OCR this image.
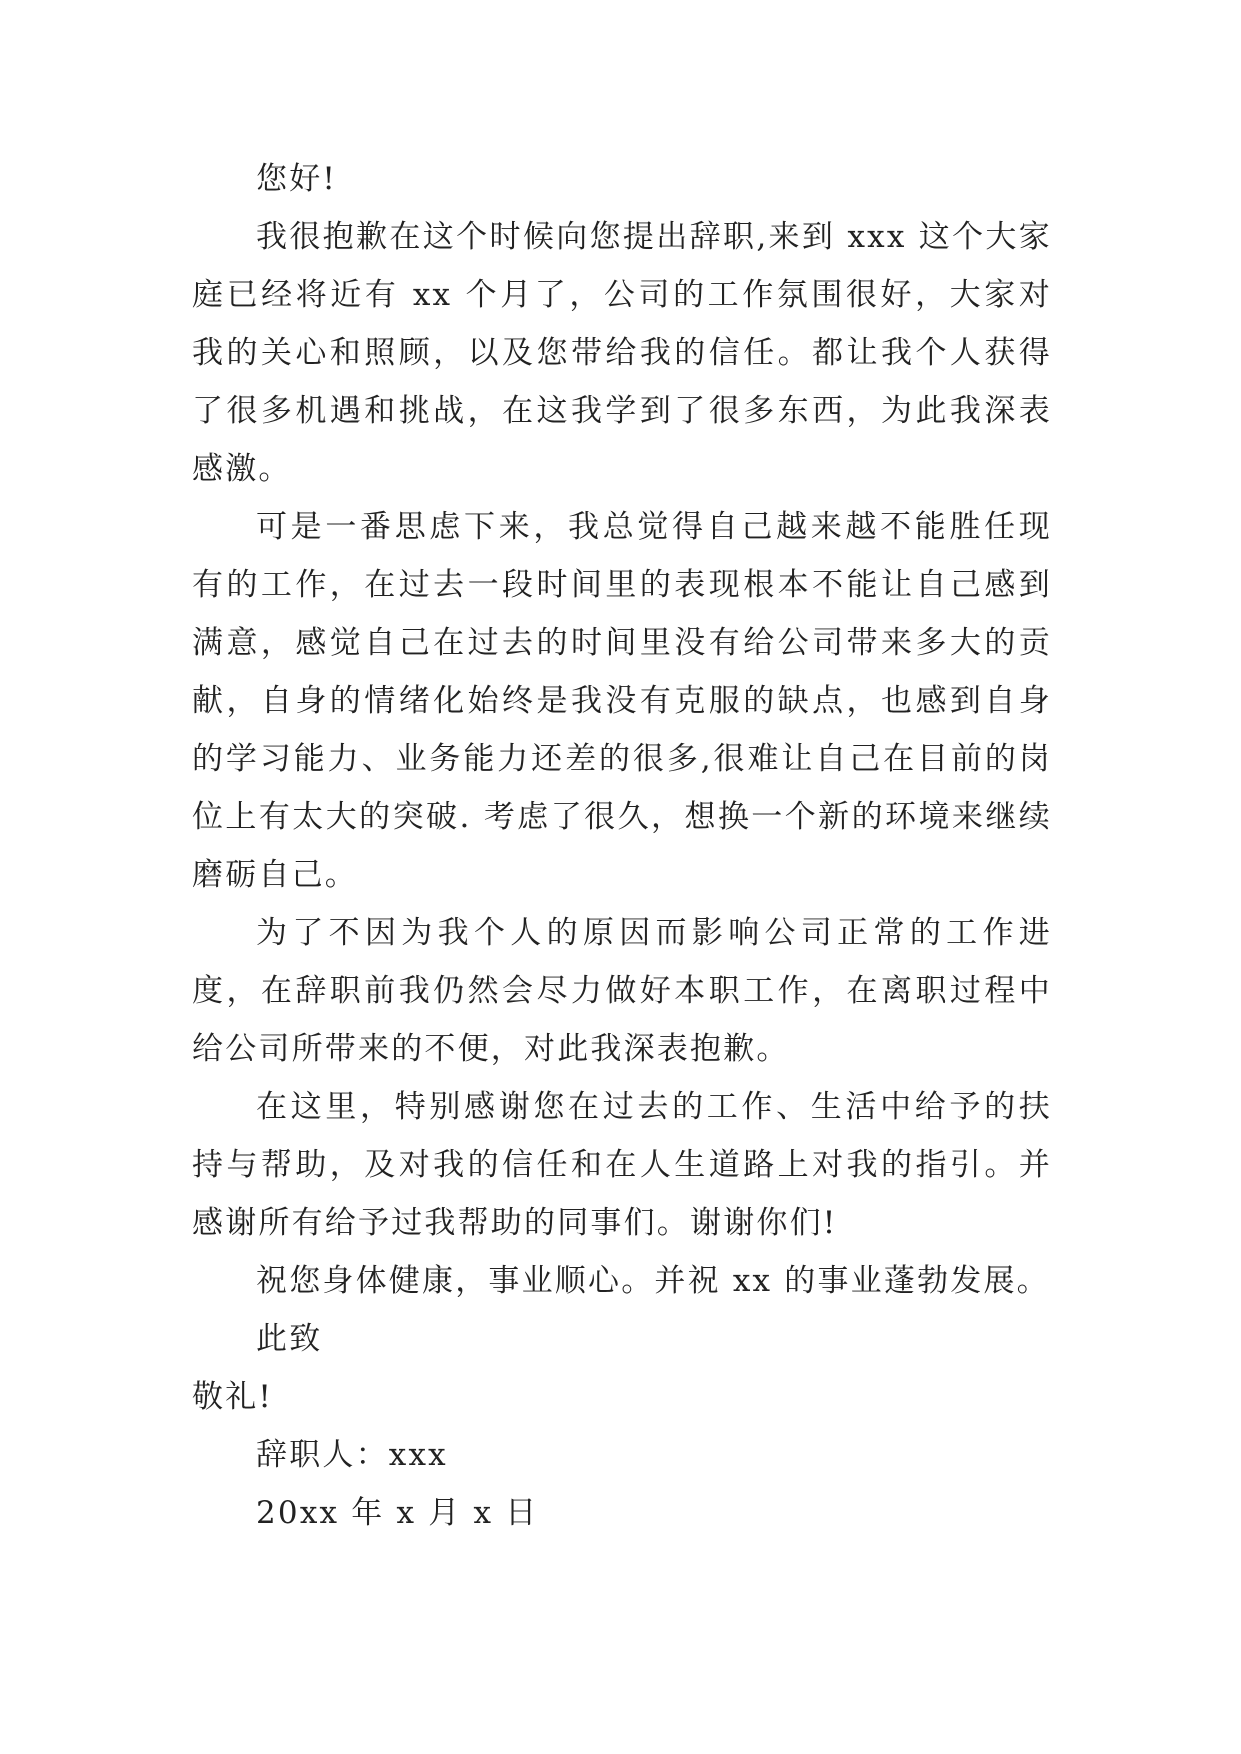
您好!

我很抱歉在这个时候向您提出辞职,来到 xxx 这个大家庭已经将近有 xx 个月了，公司的工作氛围很好，大家对我的关心和照顾，以及您带给我的信任。都让我个人获得了很多机遇和挑战，在这我学到了很多东西，为此我深表感激。

可是一番思虑下来，我总觉得自己越来越不能胜任现有的工作，在过去一段时间里的表现根本不能让自己感到满意，感觉自己在过去的时间里没有给公司带来多大的贡献，自身的情绪化始终是我没有克服的缺点，也感到自身的学习能力、业务能力还差的很多,很难让自己在目前的岗位上有太大的突破. 考虑了很久，想换一个新的环境来继续磨砺自己。

为了不因为我个人的原因而影响公司正常的工作进度，在辞职前我仍然会尽力做好本职工作，在离职过程中给公司所带来的不便，对此我深表抱歉。

在这里，特别感谢您在过去的工作、生活中给予的扶持与帮助，及对我的信任和在人生道路上对我的指引。并感谢所有给予过我帮助的同事们。谢谢你们!

祝您身体健康，事业顺心。并祝 xx 的事业蓬勃发展。

此致

敬礼!

辞职人：xxx

20xx 年 x 月 x 日
